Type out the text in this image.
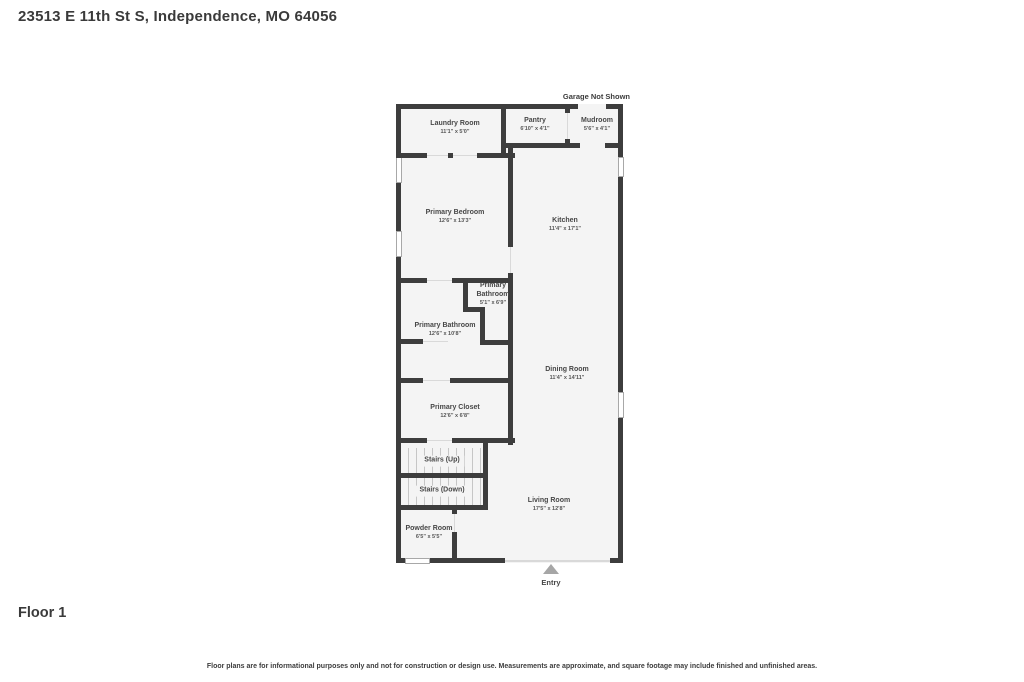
23513 E 11th St S, Independence, MO 64056
Garage Not Shown
Laundry Room
11'1" x 5'0"
Pantry
6'10" x 4'1"
Mudroom
5'6" x 4'1"
Primary Bedroom
12'6" x 13'3"	Kitchen
11'4" x 17'1"
Primary Bathroom
5'1" x 6'9"
Primary Bathroom
12'6" x 10'8"
Dining Room
11'4" x 14'11"
Primary Closet
12'6" x 6'8"
Stairs (Up)
Stairs (Down)
Living Room
17'5" x 12'8"
Powder Room
6'5" x 5'5"
Entry
Floor 1
Floor plans are for informational purposes only and not for construction or design use. Measurements are approximate, and square footage may include finished and unfinished areas.
